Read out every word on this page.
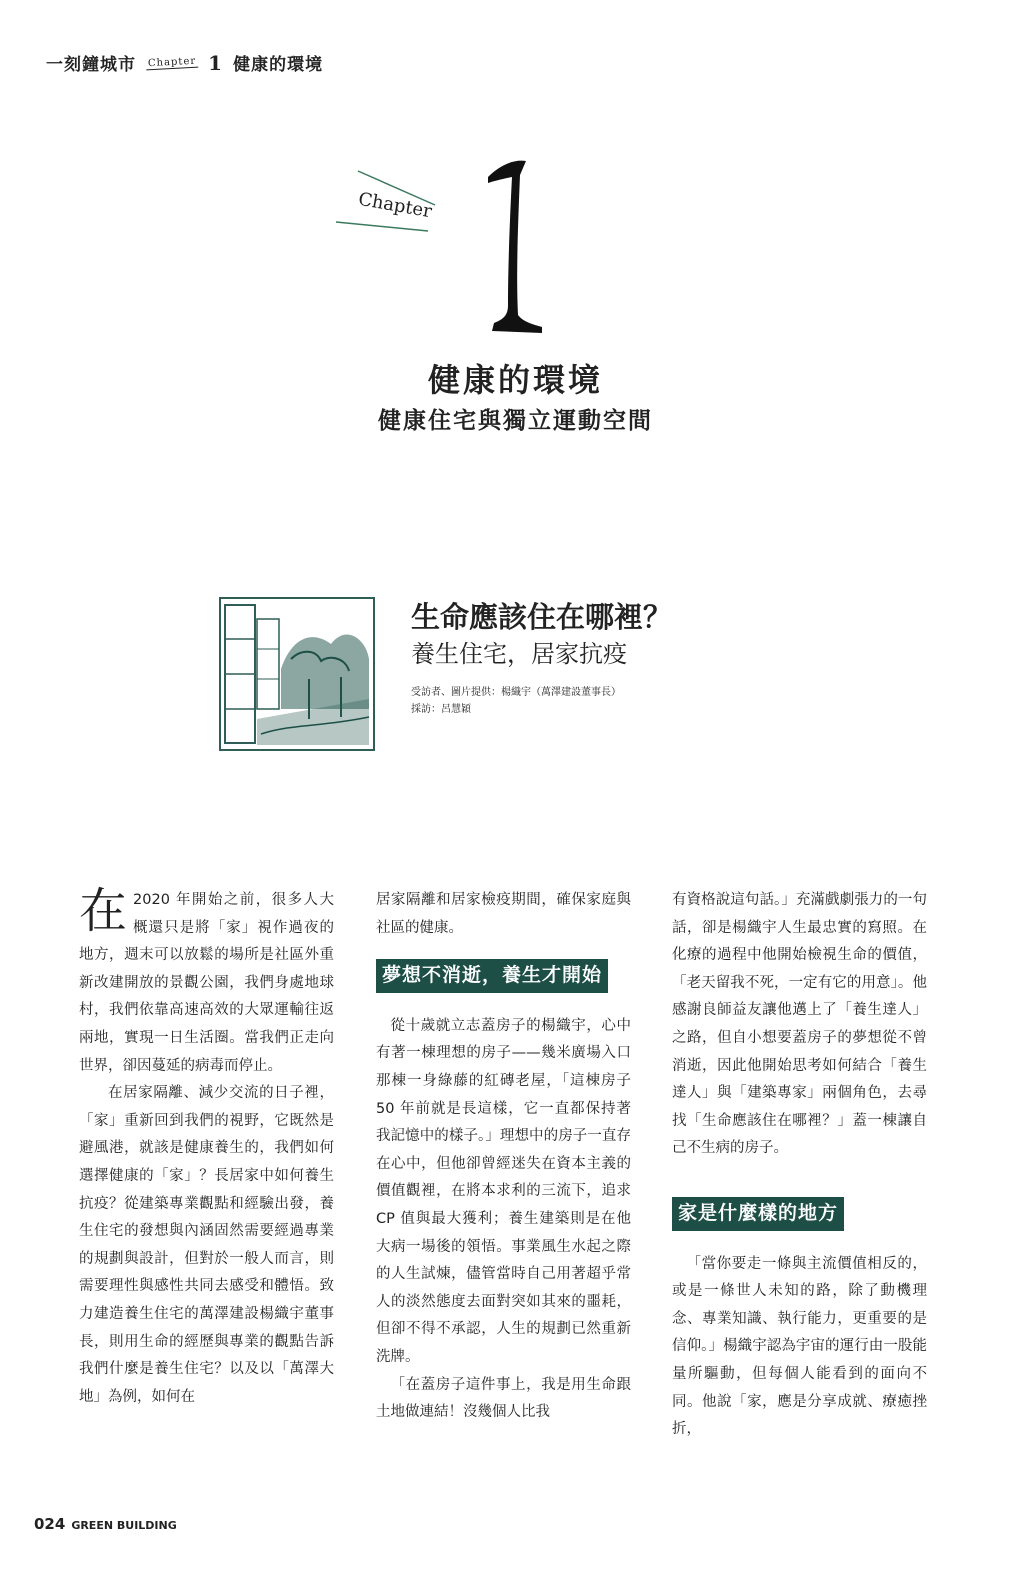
一刻鐘城市 Chapter 1 健康的環境
Chapter
健康的環境
健康住宅與獨立運動空間
生命應該住在哪裡？
養生住宅，居家抗疫
受訪者、圖片提供：楊織宇（萬澤建設董事長）
採訪：呂慧穎

在 2020 年開始之前，很多人大概還只是將「家」視作過夜的地方，週末可以放鬆的場所是社區外重新改建開放的景觀公園，我們身處地球村，我們依靠高速高效的大眾運輸往返兩地，實現一日生活圈。當我們正走向世界，卻因蔓延的病毒而停止。

在居家隔離、減少交流的日子裡，「家」重新回到我們的視野，它既然是避風港，就該是健康養生的，我們如何選擇健康的「家」？長居家中如何養生抗疫？從建築專業觀點和經驗出發，養生住宅的發想與內涵固然需要經過專業的規劃與設計，但對於一般人而言，則需要理性與感性共同去感受和體悟。致力建造養生住宅的萬澤建設楊織宇董事長，則用生命的經歷與專業的觀點告訴我們什麼是養生住宅？以及以「萬澤大地」為例，如何在

居家隔離和居家檢疫期間，確保家庭與社區的健康。

夢想不消逝，養生才開始

從十歲就立志蓋房子的楊織宇，心中有著一棟理想的房子——幾米廣場入口那棟一身綠藤的紅磚老屋，「這棟房子 50 年前就是長這樣，它一直都保持著我記憶中的樣子。」理想中的房子一直存在心中，但他卻曾經迷失在資本主義的價值觀裡，在將本求利的三流下，追求 CP 值與最大獲利；養生建築則是在他大病一場後的領悟。事業風生水起之際的人生試煉，儘管當時自己用著超乎常人的淡然態度去面對突如其來的噩耗，但卻不得不承認，人生的規劃已然重新洗牌。

「在蓋房子這件事上，我是用生命跟土地做連結！沒幾個人比我

有資格說這句話。」充滿戲劇張力的一句話，卻是楊織宇人生最忠實的寫照。在化療的過程中他開始檢視生命的價值，「老天留我不死，一定有它的用意」。他感謝良師益友讓他邁上了「養生達人」之路，但自小想要蓋房子的夢想從不曾消逝，因此他開始思考如何結合「養生達人」與「建築專家」兩個角色，去尋找「生命應該住在哪裡？」蓋一棟讓自己不生病的房子。

家是什麼樣的地方

「當你要走一條與主流價值相反的，或是一條世人未知的路，除了動機理念、專業知識、執行能力，更重要的是信仰。」楊織宇認為宇宙的運行由一股能量所驅動，但每個人能看到的面向不同。他說「家，應是分享成就、療癒挫折，

024 GREEN BUILDING
